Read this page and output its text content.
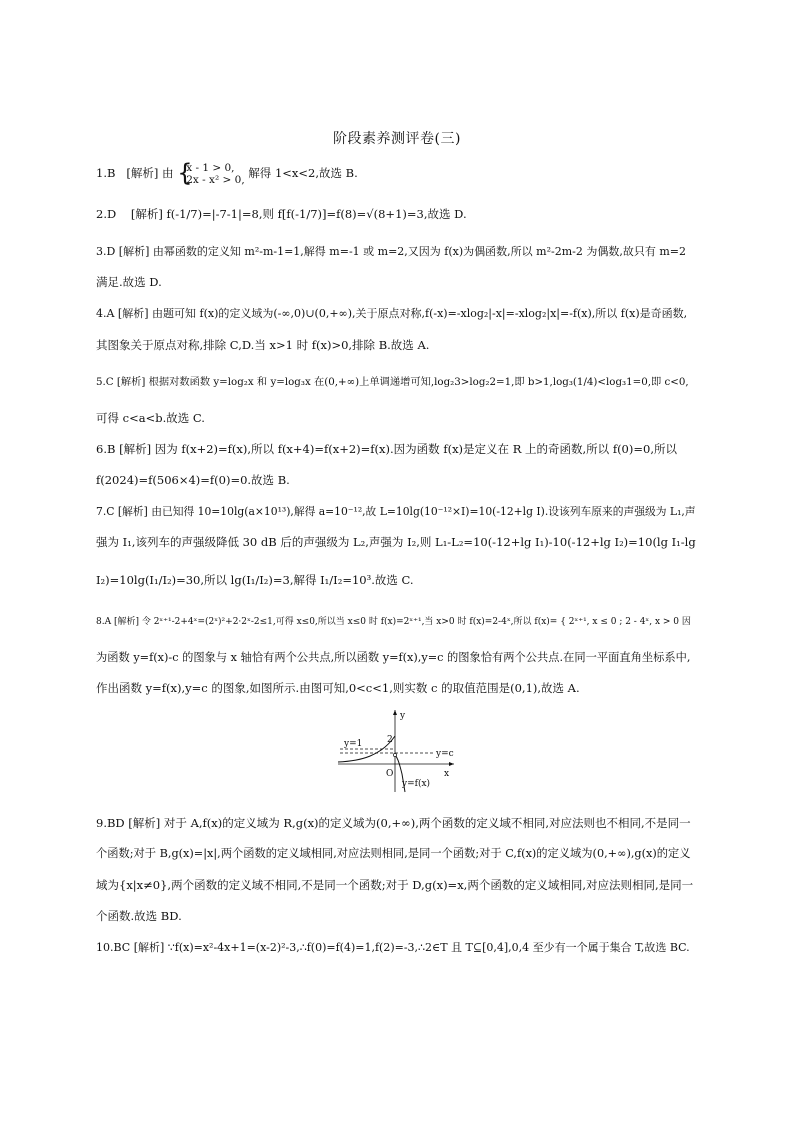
阶段素养测评卷(三)
1.B [解析] 由 {
x - 1 > 0,
2x - x² > 0, 解得 1<x<2,故选 B.
2.D [解析] f(-1/7)=|-7-1|=8,则 f[f(-1/7)]=f(8)=√(8+1)=3,故选 D.
3.D [解析] 由幂函数的定义知 m²-m-1=1,解得 m=-1 或 m=2,又因为 f(x)为偶函数,所以 m²-2m-2 为偶数,故只有 m=2
满足.故选 D.
4.A [解析] 由题可知 f(x)的定义域为(-∞,0)∪(0,+∞),关于原点对称,f(-x)=-xlog₂|-x|=-xlog₂|x|=-f(x),所以 f(x)是奇函数,
其图象关于原点对称,排除 C,D.当 x>1 时 f(x)>0,排除 B.故选 A.
5.C [解析] 根据对数函数 y=log₂x 和 y=log₃x 在(0,+∞)上单调递增可知,log₂3>log₂2=1,即 b>1,log₃(1/4)<log₃1=0,即 c<0,
可得 c<a<b.故选 C.
6.B [解析] 因为 f(x+2)=f(x),所以 f(x+4)=f(x+2)=f(x).因为函数 f(x)是定义在 R 上的奇函数,所以 f(0)=0,所以
f(2024)=f(506×4)=f(0)=0.故选 B.
7.C [解析] 由已知得 10=10lg(a×10¹³),解得 a=10⁻¹²,故 L=10lg(10⁻¹²×I)=10(-12+lg I).设该列车原来的声强级为 L₁,声
强为 I₁,该列车的声强级降低 30 dB 后的声强级为 L₂,声强为 I₂,则 L₁-L₂=10(-12+lg I₁)-10(-12+lg I₂)=10(lg I₁-lg
I₂)=10lg(I₁/I₂)=30,所以 lg(I₁/I₂)=3,解得 I₁/I₂=10³.故选 C.
8.A [解析] 令 2ˣ⁺¹-2+4ˣ=(2ˣ)²+2·2ˣ-2≤1,可得 x≤0,所以当 x≤0 时 f(x)=2ˣ⁺¹,当 x>0 时 f(x)=2-4ˣ,所以 f(x)= { 2ˣ⁺¹, x ≤ 0 ; 2 - 4ˣ, x > 0 因
为函数 y=f(x)-c 的图象与 x 轴恰有两个公共点,所以函数 y=f(x),y=c 的图象恰有两个公共点.在同一平面直角坐标系中,
作出函数 y=f(x),y=c 的图象,如图所示.由图可知,0<c<1,则实数 c 的取值范围是(0,1),故选 A.
y
x
O
2
y=1
y=c
y=f(x)
9.BD [解析] 对于 A,f(x)的定义域为 R,g(x)的定义域为(0,+∞),两个函数的定义域不相同,对应法则也不相同,不是同一
个函数;对于 B,g(x)=|x|,两个函数的定义域相同,对应法则相同,是同一个函数;对于 C,f(x)的定义域为(0,+∞),g(x)的定义
域为{x|x≠0},两个函数的定义域不相同,不是同一个函数;对于 D,g(x)=x,两个函数的定义域相同,对应法则相同,是同一
个函数.故选 BD.
10.BC [解析] ∵f(x)=x²-4x+1=(x-2)²-3,∴f(0)=f(4)=1,f(2)=-3,∴2∈T 且 T⊆[0,4],0,4 至少有一个属于集合 T,故选 BC.
